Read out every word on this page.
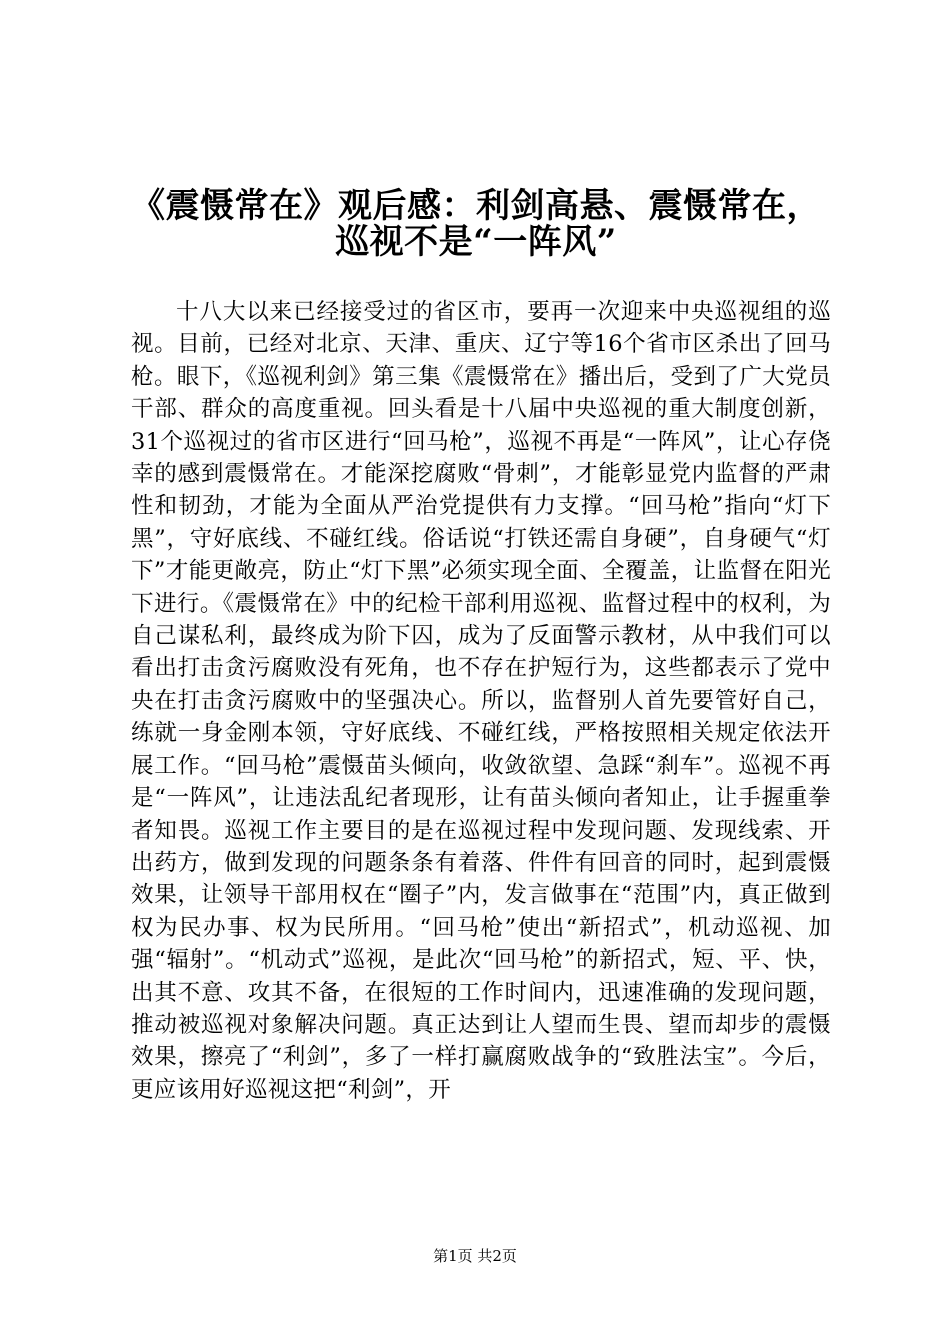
《震慑常在》观后感：利剑高悬、震慑常在，
巡视不是“一阵风”

十八大以来已经接受过的省区市，要再一次迎来中央巡视组的巡视。目前，已经对北京、天津、重庆、辽宁等16个省市区杀出了回马枪。眼下，《巡视利剑》第三集《震慑常在》播出后，受到了广大党员干部、群众的高度重视。回头看是十八届中央巡视的重大制度创新，31个巡视过的省市区进行“回马枪”，巡视不再是“一阵风”，让心存侥幸的感到震慑常在。才能深挖腐败“骨刺”，才能彰显党内监督的严肃性和韧劲，才能为全面从严治党提供有力支撑。“回马枪”指向“灯下黑”，守好底线、不碰红线。俗话说“打铁还需自身硬”，自身硬气“灯下”才能更敞亮，防止“灯下黑”必须实现全面、全覆盖，让监督在阳光下进行。《震慑常在》中的纪检干部利用巡视、监督过程中的权利，为自己谋私利，最终成为阶下囚，成为了反面警示教材，从中我们可以看出打击贪污腐败没有死角，也不存在护短行为，这些都表示了党中央在打击贪污腐败中的坚强决心。所以，监督别人首先要管好自己，练就一身金刚本领，守好底线、不碰红线，严格按照相关规定依法开展工作。“回马枪”震慑苗头倾向，收敛欲望、急踩“刹车”。巡视不再是“一阵风”，让违法乱纪者现形，让有苗头倾向者知止，让手握重拳者知畏。巡视工作主要目的是在巡视过程中发现问题、发现线索、开出药方，做到发现的问题条条有着落、件件有回音的同时，起到震慑效果，让领导干部用权在“圈子”内，发言做事在“范围”内，真正做到权为民办事、权为民所用。“回马枪”使出“新招式”，机动巡视、加强“辐射”。“机动式”巡视，是此次“回马枪”的新招式，短、平、快，出其不意、攻其不备，在很短的工作时间内，迅速准确的发现问题，推动被巡视对象解决问题。真正达到让人望而生畏、望而却步的震慑效果，擦亮了“利剑”，多了一样打赢腐败战争的“致胜法宝”。今后，更应该用好巡视这把“利剑”，开

第1页 共2页
